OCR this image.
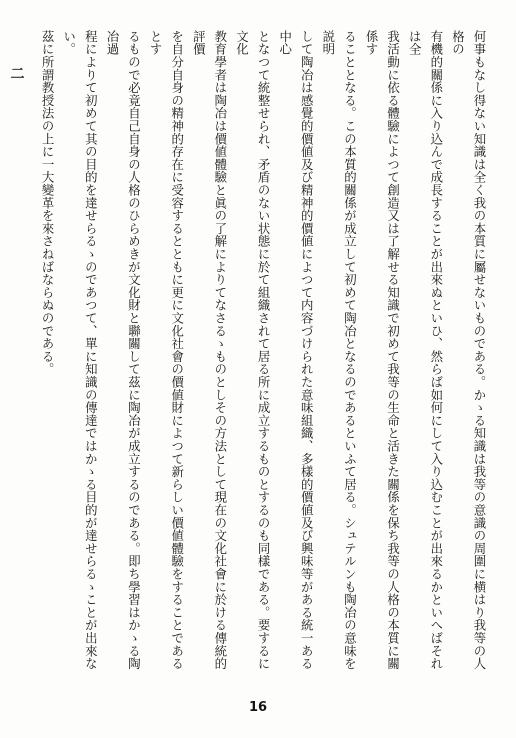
何事もなし得ない知識は全く我の本質に屬せないものである。かゝる知識は我等の意識の周圍に横はり我等の人格の
有機的關係に入り込んで成長することが出來ぬといひ、然らば如何にして入り込むことが出來るかといへばそれは全
我活動に依る體驗によつて創造又は了解せる知識で初めて我等の生命と活きた關係を保ち我等の人格の本質に關係す
ることとなる。この本質的關係が成立して初めて陶冶となるのであるといふて居る。シュテルンも陶冶の意味を説明
して陶冶は感覺的價値及び精神的價値によつて内容づけられた意味組織、多樣的價値及び興味等がある統一ある中心
となつて統整せられ、矛盾のない状態に於て組織されて居る所に成立するものとするのも同樣である。要するに文化
教育學者は陶冶は價値體驗と眞の了解によりてなさるゝものとしその方法として現在の文化社會に於ける傳統的評價
を自分自身の精神的存在に受容するとともに更に文化社會の價値財によつて新らしい價値體驗をすることであるとす
るもので必竟自己自身の人格のひらめきが文化財と聯關して茲に陶冶が成立するのである。即ち學習はかゝる陶冶過
程によりて初めて其の目的を達せらるゝのであつて、單に知識の傳達ではかゝる目的が達せらるゝことが出來ない。
茲に所謂教授法の上に一大變革を來さねばならぬのである。
二
16
